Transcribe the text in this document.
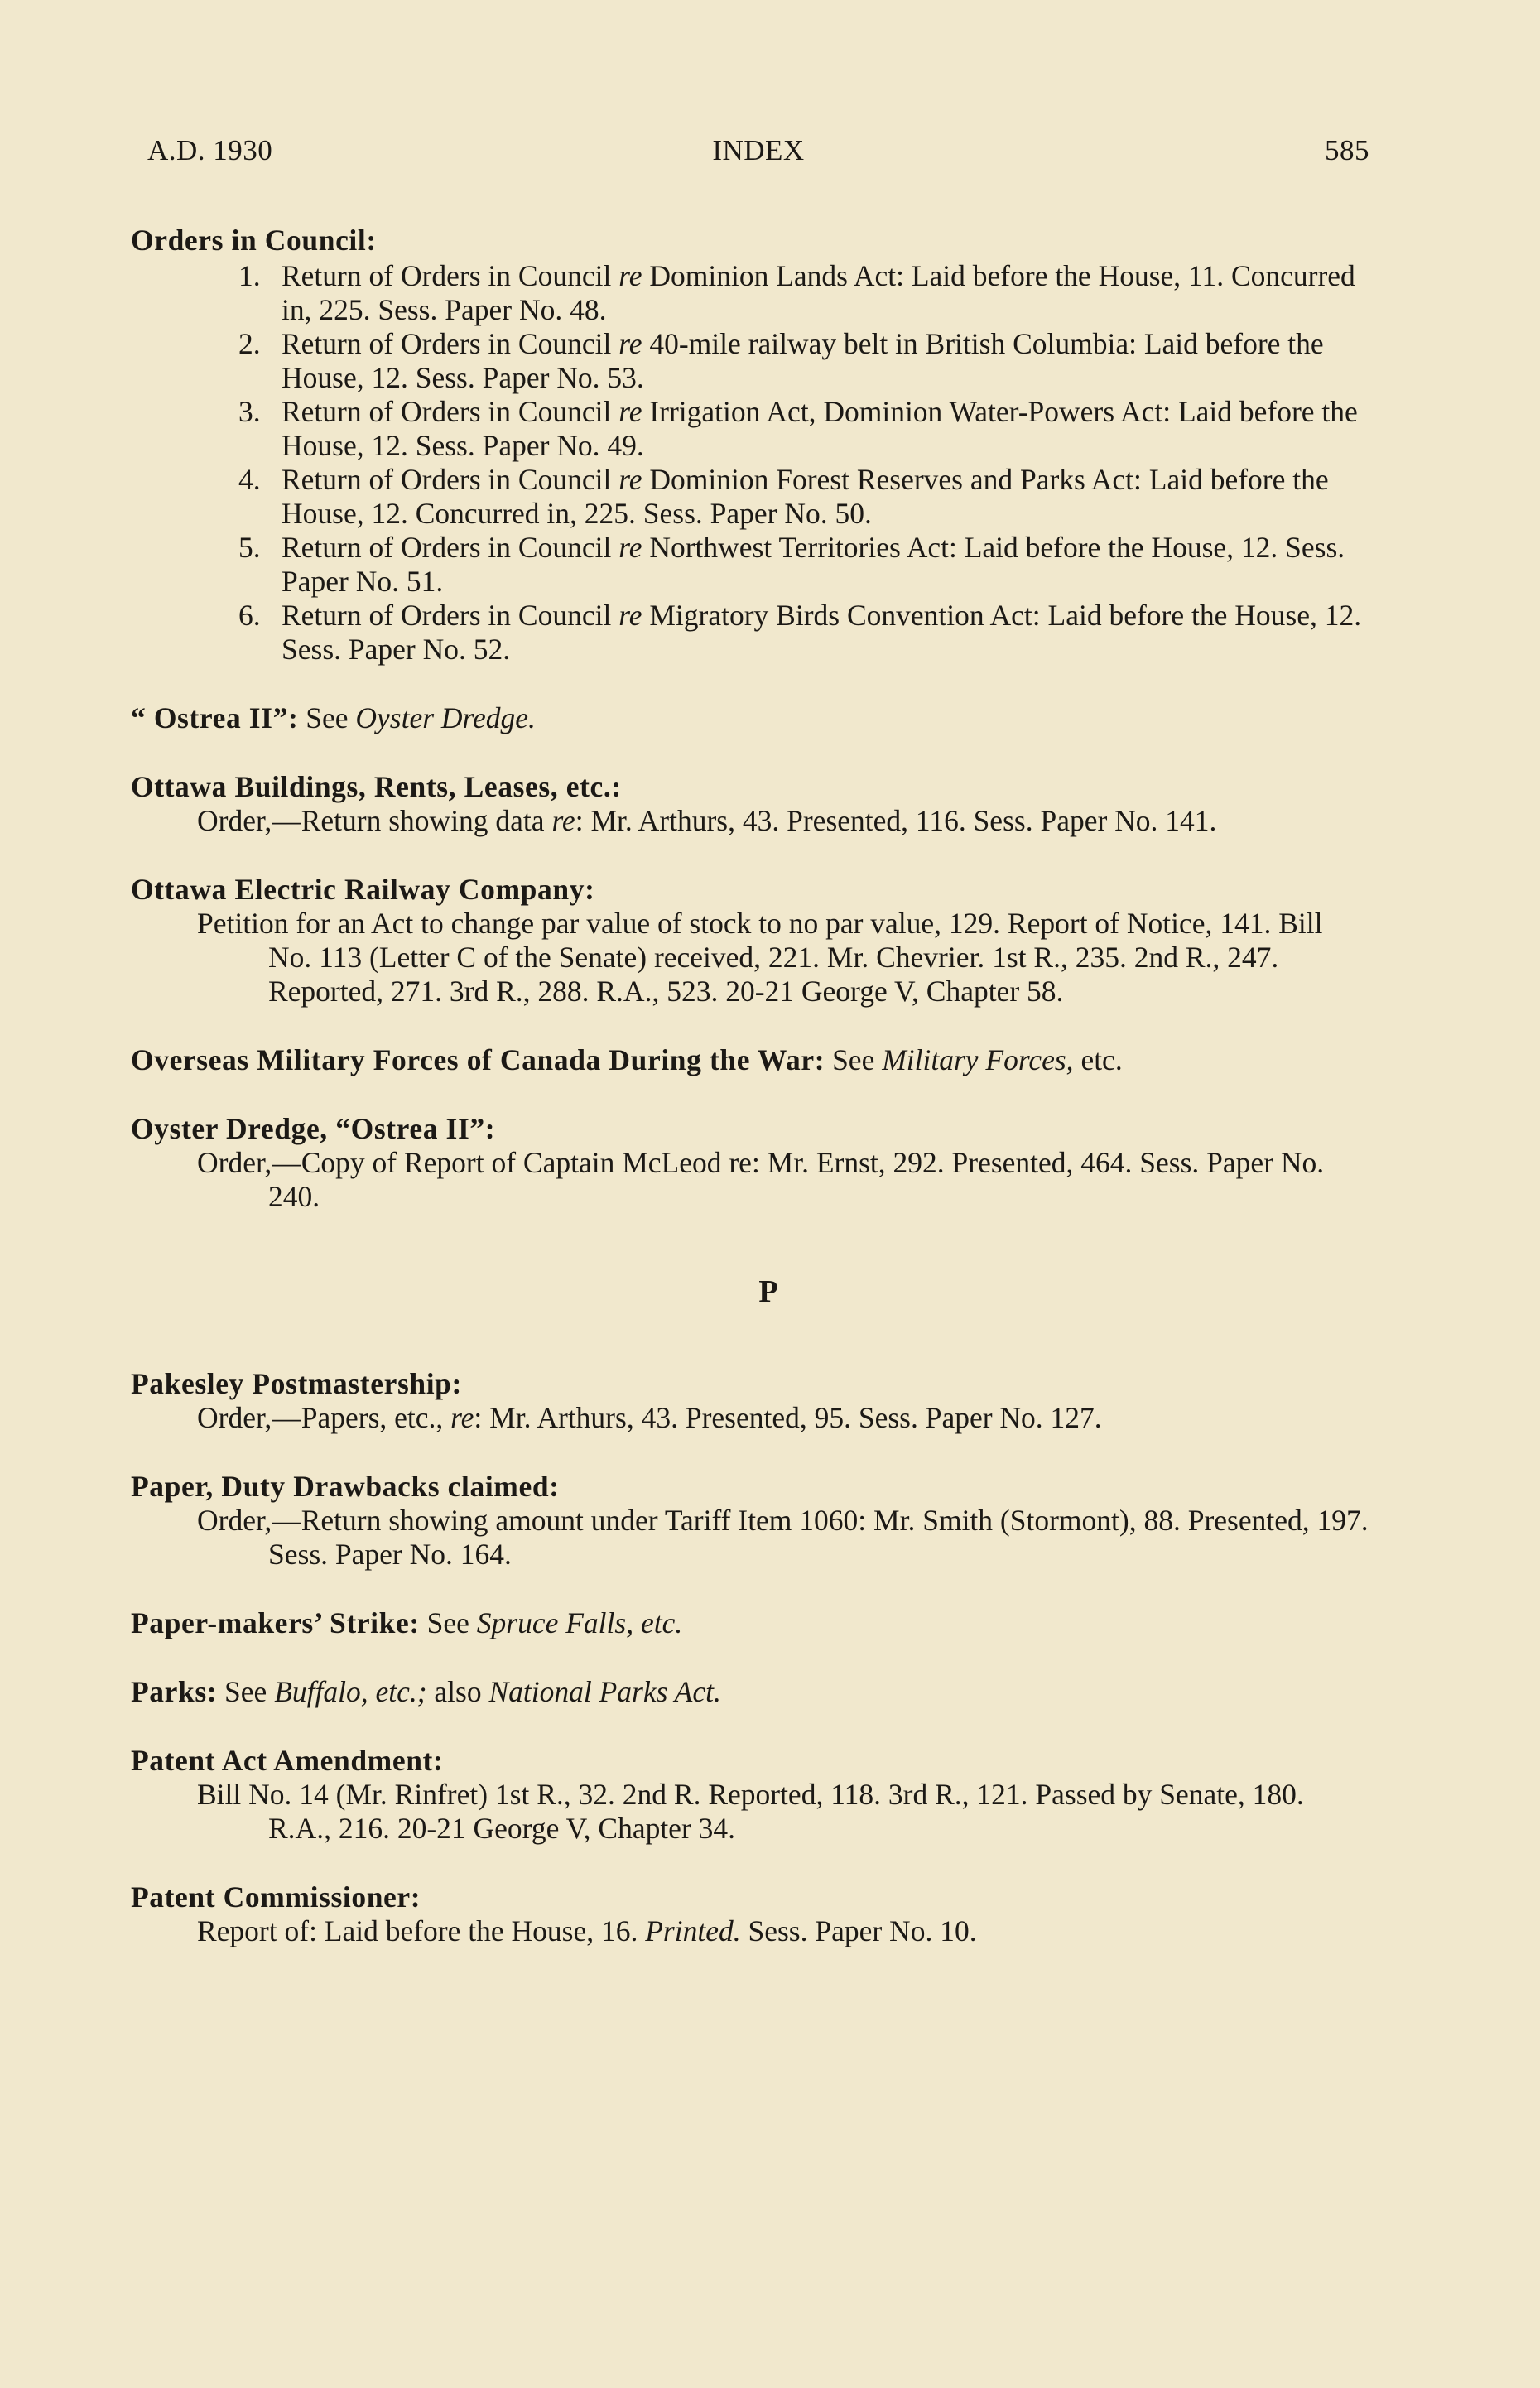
A.D. 1930	INDEX	585
Orders in Council:
1. Return of Orders in Council re Dominion Lands Act: Laid before the House, 11. Concurred in, 225. Sess. Paper No. 48.
2. Return of Orders in Council re 40-mile railway belt in British Columbia: Laid before the House, 12. Sess. Paper No. 53.
3. Return of Orders in Council re Irrigation Act, Dominion Water-Powers Act: Laid before the House, 12. Sess. Paper No. 49.
4. Return of Orders in Council re Dominion Forest Reserves and Parks Act: Laid before the House, 12. Concurred in, 225. Sess. Paper No. 50.
5. Return of Orders in Council re Northwest Territories Act: Laid before the House, 12. Sess. Paper No. 51.
6. Return of Orders in Council re Migratory Birds Convention Act: Laid before the House, 12. Sess. Paper No. 52.
“ Ostrea II”: See Oyster Dredge.
Ottawa Buildings, Rents, Leases, etc.:
Order,—Return showing data re: Mr. Arthurs, 43. Presented, 116. Sess. Paper No. 141.
Ottawa Electric Railway Company:
Petition for an Act to change par value of stock to no par value, 129. Report of Notice, 141. Bill No. 113 (Letter C of the Senate) received, 221. Mr. Chevrier. 1st R., 235. 2nd R., 247. Reported, 271. 3rd R., 288. R.A., 523. 20-21 George V, Chapter 58.
Overseas Military Forces of Canada During the War: See Military Forces, etc.
Oyster Dredge, “Ostrea II”:
Order,—Copy of Report of Captain McLeod re: Mr. Ernst, 292. Presented, 464. Sess. Paper No. 240.
P
Pakesley Postmastership:
Order,—Papers, etc., re: Mr. Arthurs, 43. Presented, 95. Sess. Paper No. 127.
Paper, Duty Drawbacks claimed:
Order,—Return showing amount under Tariff Item 1060: Mr. Smith (Stormont), 88. Presented, 197. Sess. Paper No. 164.
Paper-makers’ Strike: See Spruce Falls, etc.
Parks: See Buffalo, etc.; also National Parks Act.
Patent Act Amendment:
Bill No. 14 (Mr. Rinfret) 1st R., 32. 2nd R. Reported, 118. 3rd R., 121. Passed by Senate, 180. R.A., 216. 20-21 George V, Chapter 34.
Patent Commissioner:
Report of: Laid before the House, 16. Printed. Sess. Paper No. 10.
